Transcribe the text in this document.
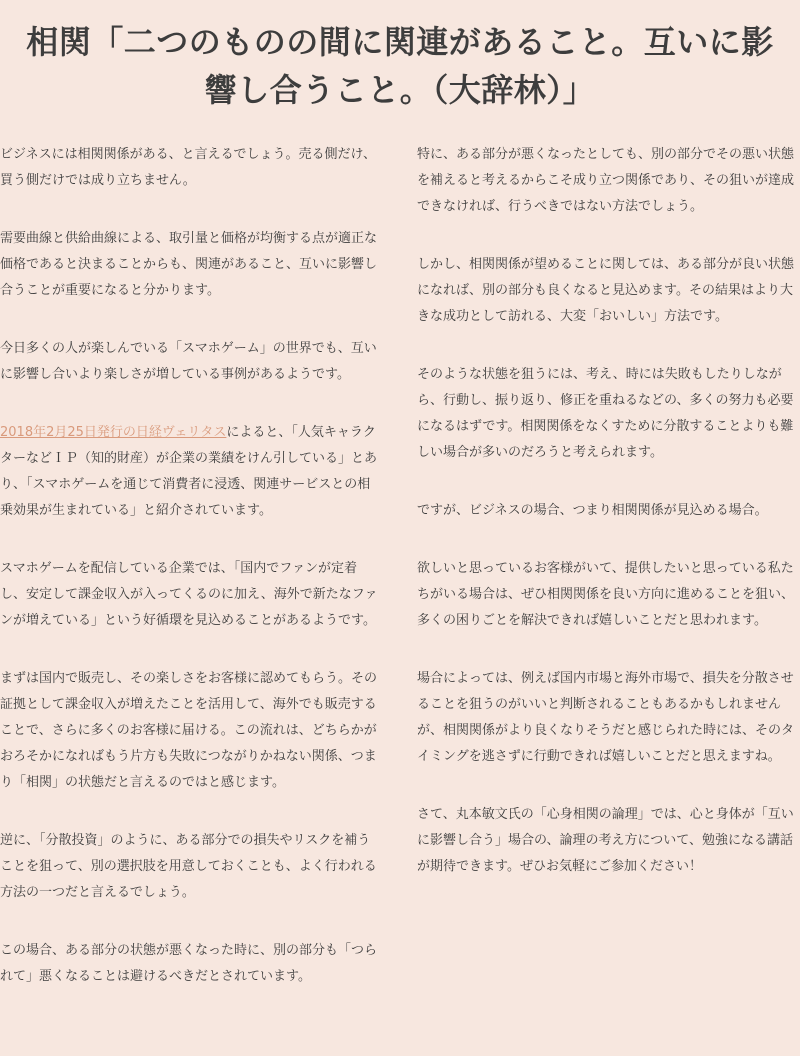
相関「二つのものの間に関連があること。互いに影
響し合うこと。（大辞林）」

ビジネスには相関関係がある、と言えるでしょう。売る側だけ、買う側だけでは成り立ちません。

需要曲線と供給曲線による、取引量と価格が均衡する点が適正な価格であると決まることからも、関連があること、互いに影響し合うことが重要になると分かります。

今日多くの人が楽しんでいる「スマホゲーム」の世界でも、互いに影響し合いより楽しさが増している事例があるようです。

2018年2月25日発行の日経ヴェリタスによると、「人気キャラクターなどＩＰ（知的財産）が企業の業績をけん引している」とあり、「スマホゲームを通じて消費者に浸透、関連サービスとの相乗効果が生まれている」と紹介されています。

スマホゲームを配信している企業では、「国内でファンが定着し、安定して課金収入が入ってくるのに加え、海外で新たなファンが増えている」という好循環を見込めることがあるようです。

まずは国内で販売し、その楽しさをお客様に認めてもらう。その証拠として課金収入が増えたことを活用して、海外でも販売することで、さらに多くのお客様に届ける。この流れは、どちらかがおろそかになればもう片方も失敗につながりかねない関係、つまり「相関」の状態だと言えるのではと感じます。

逆に、「分散投資」のように、ある部分での損失やリスクを補うことを狙って、別の選択肢を用意しておくことも、よく行われる方法の一つだと言えるでしょう。

この場合、ある部分の状態が悪くなった時に、別の部分も「つられて」悪くなることは避けるべきだとされています。

特に、ある部分が悪くなったとしても、別の部分でその悪い状態を補えると考えるからこそ成り立つ関係であり、その狙いが達成できなければ、行うべきではない方法でしょう。

しかし、相関関係が望めることに関しては、ある部分が良い状態になれば、別の部分も良くなると見込めます。その結果はより大きな成功として訪れる、大変「おいしい」方法です。

そのような状態を狙うには、考え、時には失敗もしたりしながら、行動し、振り返り、修正を重ねるなどの、多くの努力も必要になるはずです。相関関係をなくすために分散することよりも難しい場合が多いのだろうと考えられます。

ですが、ビジネスの場合、つまり相関関係が見込める場合。

欲しいと思っているお客様がいて、提供したいと思っている私たちがいる場合は、ぜひ相関関係を良い方向に進めることを狙い、多くの困りごとを解決できれば嬉しいことだと思われます。

場合によっては、例えば国内市場と海外市場で、損失を分散させることを狙うのがいいと判断されることもあるかもしれませんが、相関関係がより良くなりそうだと感じられた時には、そのタイミングを逃さずに行動できれば嬉しいことだと思えますね。

さて、丸本敏文氏の「心身相関の論理」では、心と身体が「互いに影響し合う」場合の、論理の考え方について、勉強になる講話が期待できます。ぜひお気軽にご参加ください！
